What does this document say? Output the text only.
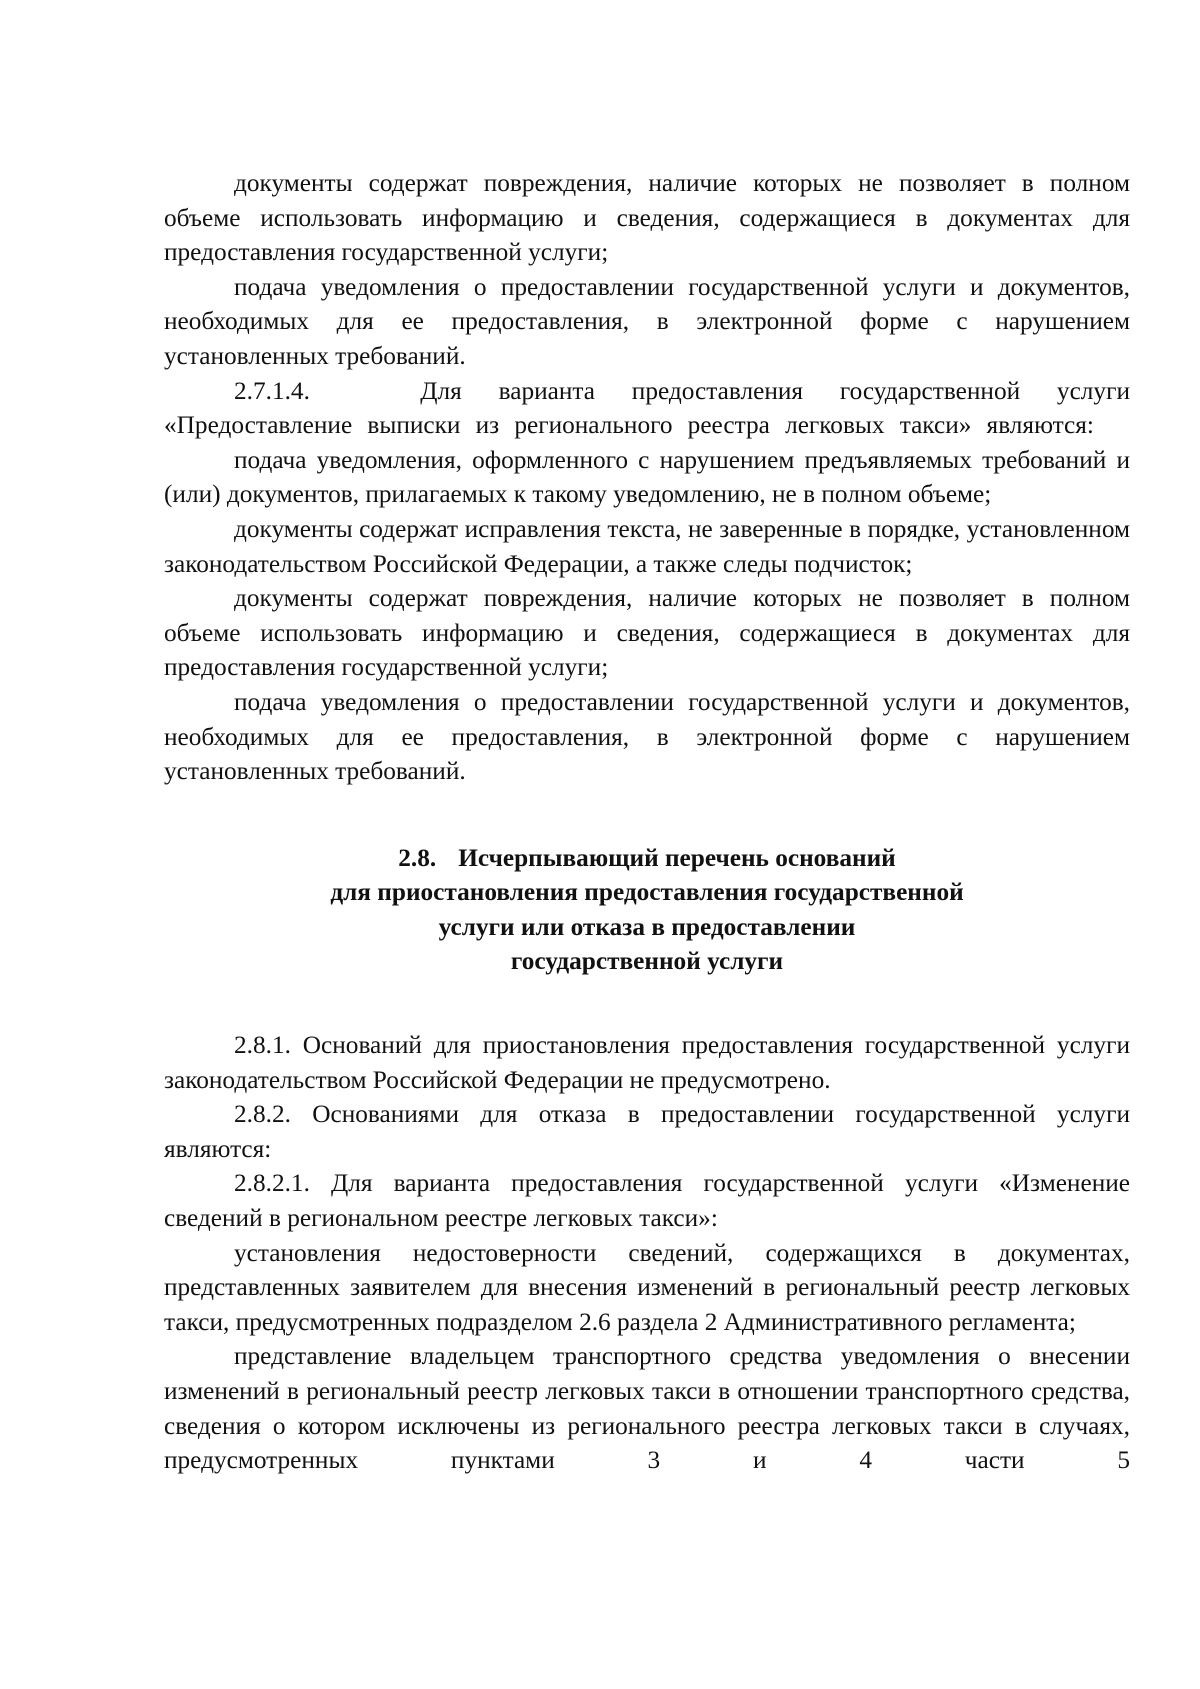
документы содержат повреждения, наличие которых не позволяет в полном объеме использовать информацию и сведения, содержащиеся в документах для предоставления государственной услуги;

подача уведомления о предоставлении государственной услуги и документов, необходимых для ее предоставления, в электронной форме с нарушением установленных требований.

2.7.1.4.   Для варианта предоставления государственной услуги «Предоставление выписки из регионального реестра легковых такси» являются:

подача уведомления, оформленного с нарушением предъявляемых требований и (или) документов, прилагаемых к такому уведомлению, не в полном объеме;

документы содержат исправления текста, не заверенные в порядке, установленном законодательством Российской Федерации, а также следы подчисток;

документы содержат повреждения, наличие которых не позволяет в полном объеме использовать информацию и сведения, содержащиеся в документах для предоставления государственной услуги;

подача уведомления о предоставлении государственной услуги и документов, необходимых для ее предоставления, в электронной форме с нарушением установленных требований.

2.8. Исчерпывающий перечень оснований
для приостановления предоставления государственной
услуги или отказа в предоставлении
государственной услуги

2.8.1. Оснований для приостановления предоставления государственной услуги законодательством Российской Федерации не предусмотрено.

2.8.2. Основаниями для отказа в предоставлении государственной услуги являются:

2.8.2.1. Для варианта предоставления государственной услуги «Изменение сведений в региональном реестре легковых такси»:

установления недостоверности сведений, содержащихся в документах, представленных заявителем для внесения изменений в региональный реестр легковых такси, предусмотренных подразделом 2.6 раздела 2 Административного регламента;

представление владельцем транспортного средства уведомления о внесении изменений в региональный реестр легковых такси в отношении транспортного средства, сведения о котором исключены из регионального реестра легковых такси в случаях, предусмотренных пунктами 3 и 4 части 5
